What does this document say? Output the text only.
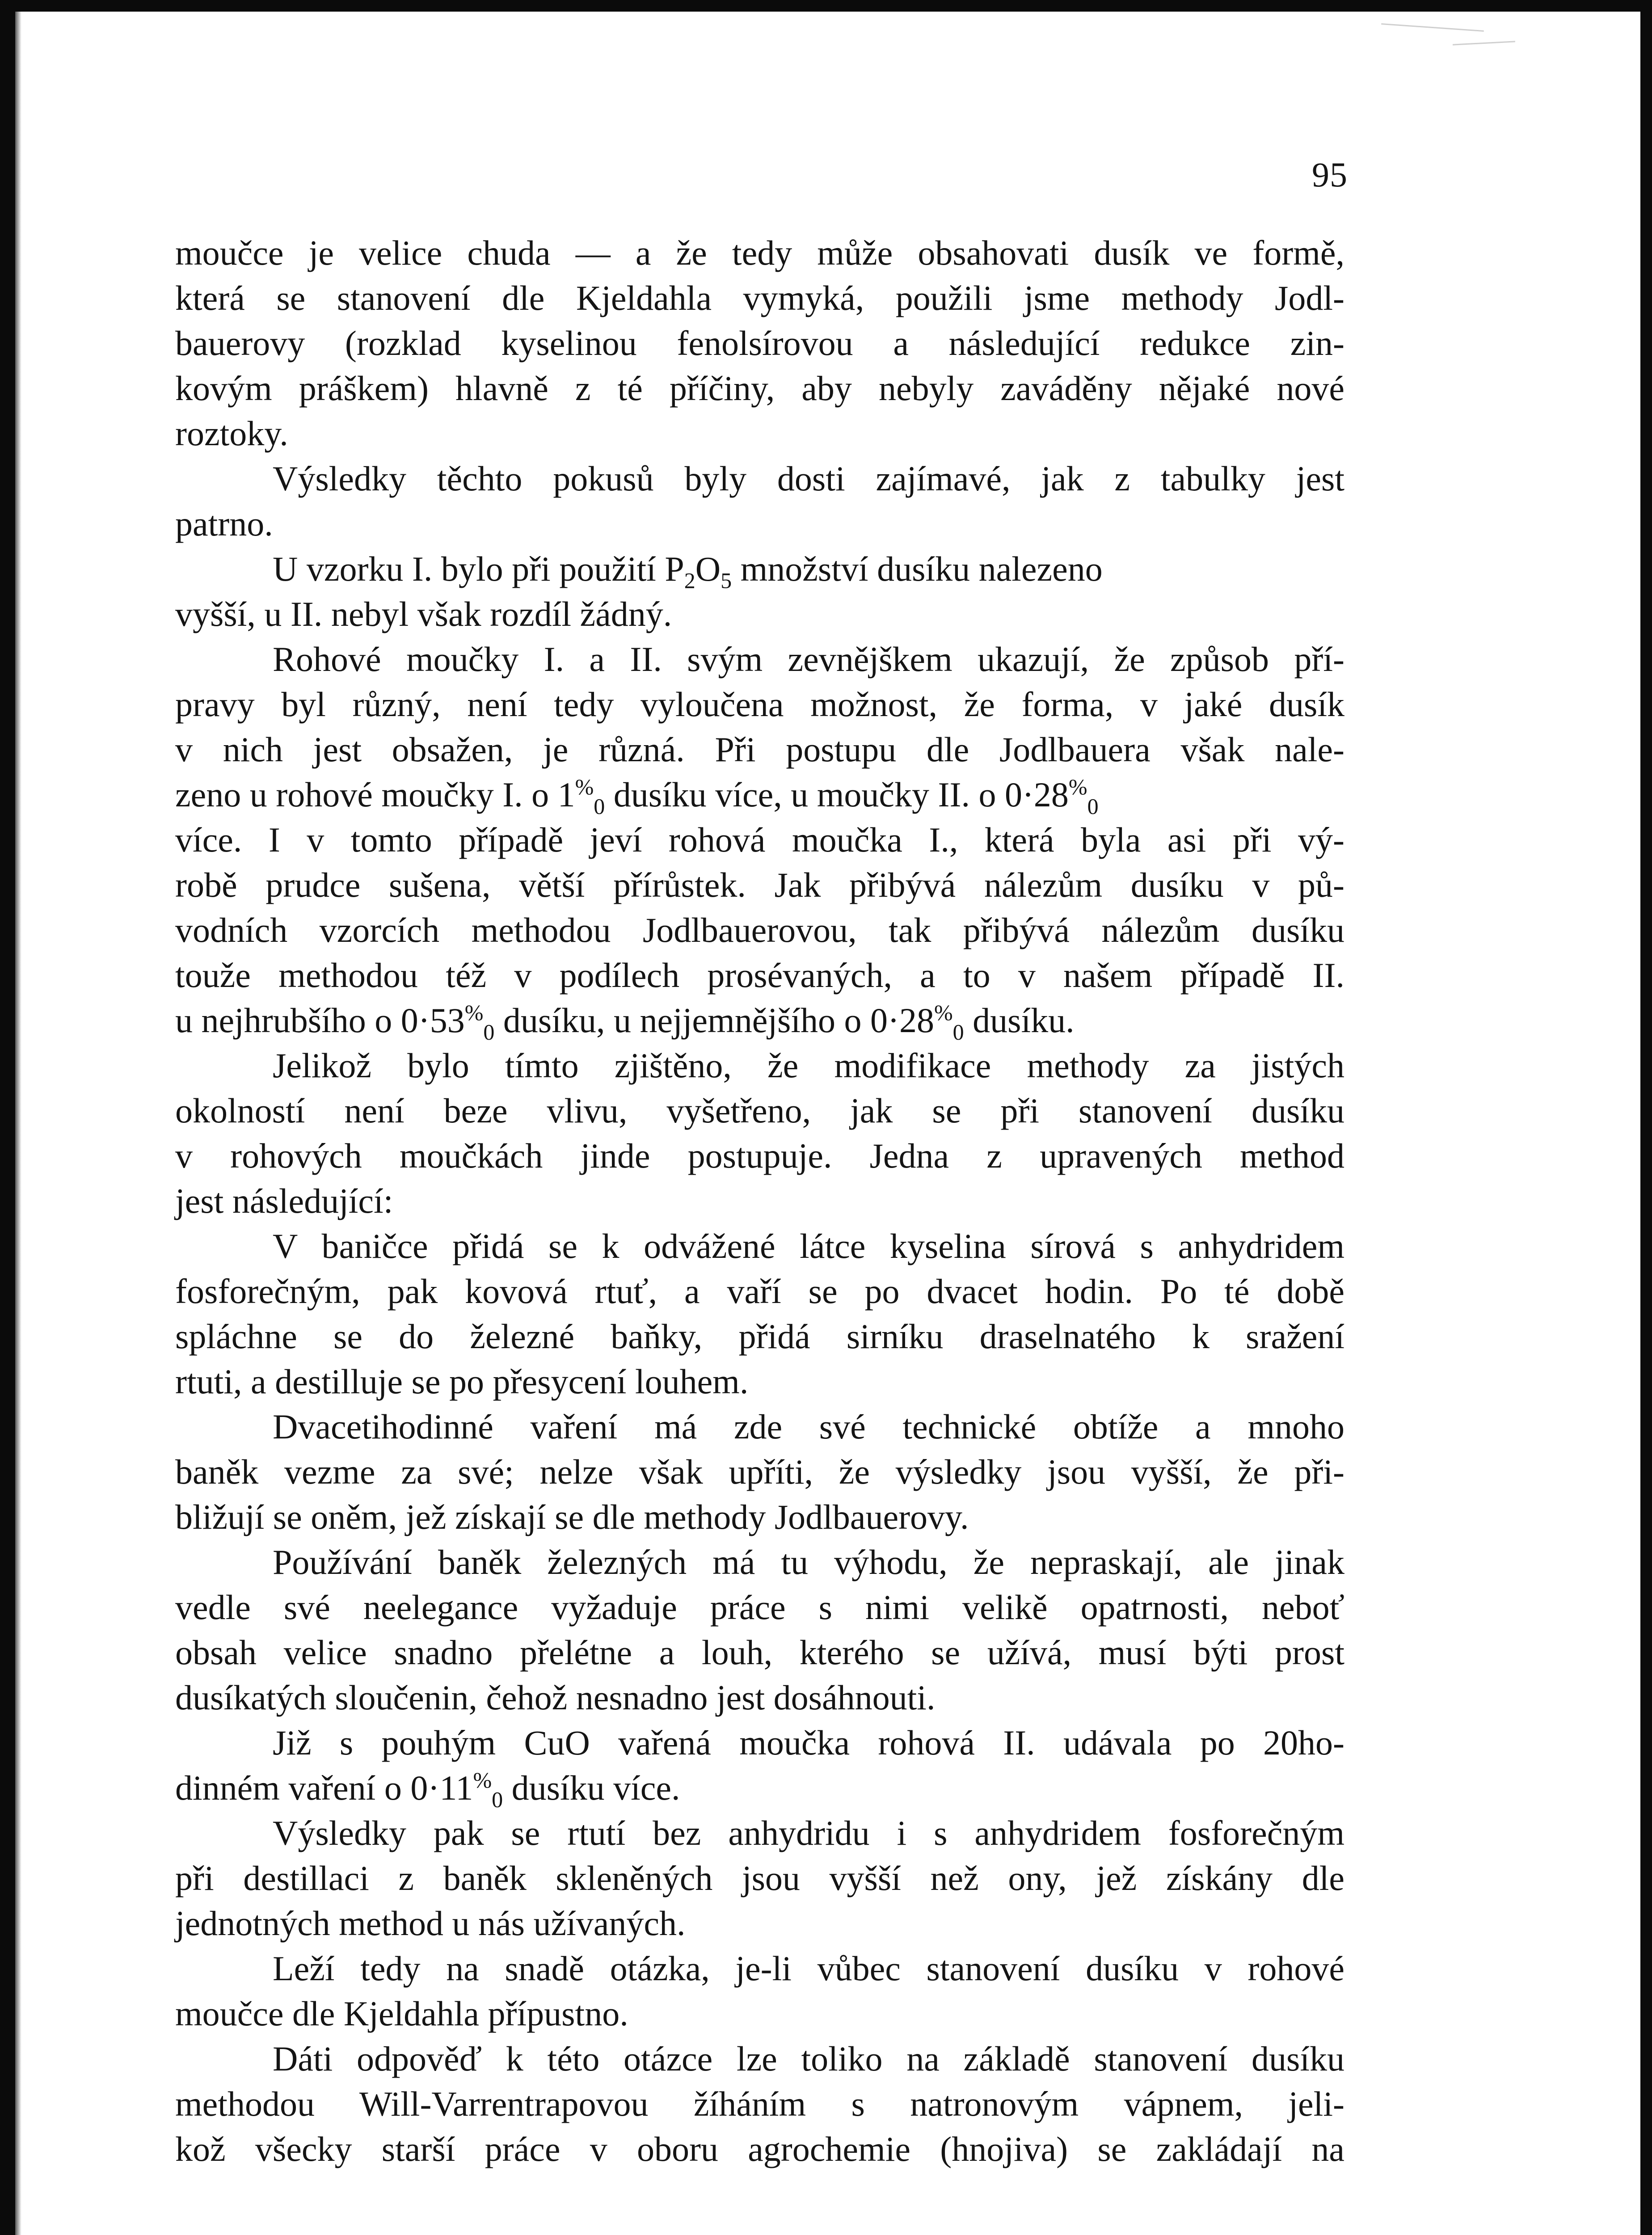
95
moučce je velice chuda — a že tedy může obsahovati dusík ve formě,
která se stanovení dle Kjeldahla vymyká, použili jsme methody Jodl-
bauerovy (rozklad kyselinou fenolsírovou a následující redukce zin-
kovým práškem) hlavně z té příčiny, aby nebyly zaváděny nějaké nové
roztoky.
Výsledky těchto pokusů byly dosti zajímavé, jak z tabulky jest
patrno.
U vzorku I. bylo při použití $P_2O_5$ množství dusíku nalezeno
vyšší, u II. nebyl však rozdíl žádný.
Rohové moučky I. a II. svým zevnějškem ukazují, že způsob pří-
pravy byl různý, není tedy vyloučena možnost, že forma, v jaké dusík
v nich jest obsažen, je různá. Při postupu dle Jodlbauera však nale-
zeno u rohové moučky I. o $1^{\%}_0$ dusíku více, u moučky II. o $0\cdot 28^{\%}_0$
více. I v tomto případě jeví rohová moučka I., která byla asi při vý-
robě prudce sušena, větší přírůstek. Jak přibývá nálezům dusíku v pů-
vodních vzorcích methodou Jodlbauerovou, tak přibývá nálezům dusíku
touže methodou též v podílech prosévaných, a to v našem případě II.
u nejhrubšího o $0\cdot 53^{\%}_0$ dusíku, u nejjemnějšího o $0\cdot 28^{\%}_0$ dusíku.
Jelikož bylo tímto zjištěno, že modifikace methody za jistých
okolností není beze vlivu, vyšetřeno, jak se při stanovení dusíku
v rohových moučkách jinde postupuje. Jedna z upravených method
jest následující:
V baničce přidá se k odvážené látce kyselina sírová s anhydridem
fosforečným, pak kovová rtuť, a vaří se po dvacet hodin. Po té době
spláchne se do železné baňky, přidá sirníku draselnatého k sražení
rtuti, a destilluje se po přesycení louhem.
Dvacetihodinné vaření má zde své technické obtíže a mnoho
baněk vezme za své; nelze však upříti, že výsledky jsou vyšší, že při-
bližují se oněm, jež získají se dle methody Jodlbauerovy.
Používání baněk železných má tu výhodu, že nepraskají, ale jinak
vedle své neelegance vyžaduje práce s nimi velikě opatrnosti, neboť
obsah velice snadno přelétne a louh, kterého se užívá, musí býti prost
dusíkatých sloučenin, čehož nesnadno jest dosáhnouti.
Již s pouhým CuO vařená moučka rohová II. udávala po 20ho-
dinném vaření o $0\cdot 11^{\%}_0$ dusíku více.
Výsledky pak se rtutí bez anhydridu i s anhydridem fosforečným
při destillaci z baněk skleněných jsou vyšší než ony, jež získány dle
jednotných method u nás užívaných.
Leží tedy na snadě otázka, je-li vůbec stanovení dusíku v rohové
moučce dle Kjeldahla přípustno.
Dáti odpověď k této otázce lze toliko na základě stanovení dusíku
methodou Will-Varrentrapovou žíháním s natronovým vápnem, jeli-
kož všecky starší práce v oboru agrochemie (hnojiva) se zakládají na
